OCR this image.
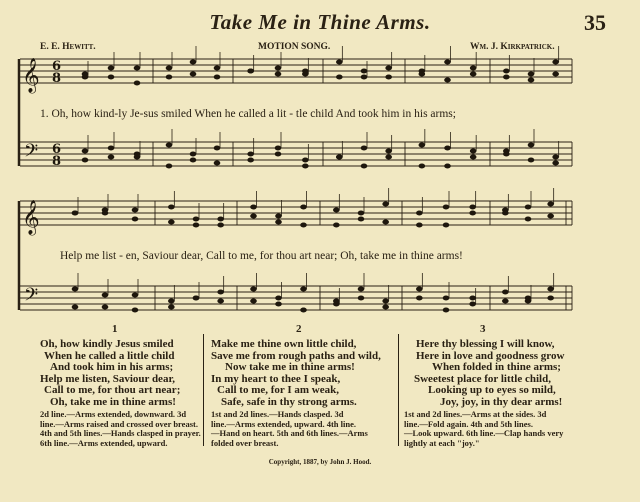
Take Me in Thine Arms.	35
E. E. Hewitt.	MOTION SONG.	Wm. J. Kirkpatrick.
𝄞
𝄢
𝄞
𝄢
6
8
6
8
1. Oh, how kind-ly Je-sus smiled When he called a lit - tle child And took him in his arms;
Help me list - en, Saviour dear, Call to me, for thou art near; Oh, take me in thine arms!
1	2	3
Oh, how kindly Jesus smiled
When he called a little child
And took him in his arms;
Help me listen, Saviour dear,
Call to me, for thou art near;
Oh, take me in thine arms!
Make me thine own little child,
Save me from rough paths and wild,
Now take me in thine arms!
In my heart to thee I speak,
Call to me, for I am weak,
Safe, safe in thy strong arms.
Here thy blessing I will know,
Here in love and goodness grow
When folded in thine arms;
Sweetest place for little child,
Looking up to eyes so mild,
Joy, joy, in thy dear arms!
2d line.—Arms extended, downward. 3d
line.—Arms raised and crossed over breast.
4th and 5th lines.—Hands clasped in prayer.
6th line.—Arms extended, upward.
1st and 2d lines.—Hands clasped. 3d
line.—Arms extended, upward. 4th line.
—Hand on heart. 5th and 6th lines.—Arms
folded over breast.
1st and 2d lines.—Arms at the sides. 3d
line.—Fold again. 4th and 5th lines.
—Look upward. 6th line.—Clap hands very
lightly at each "joy."
Copyright, 1887, by John J. Hood.
